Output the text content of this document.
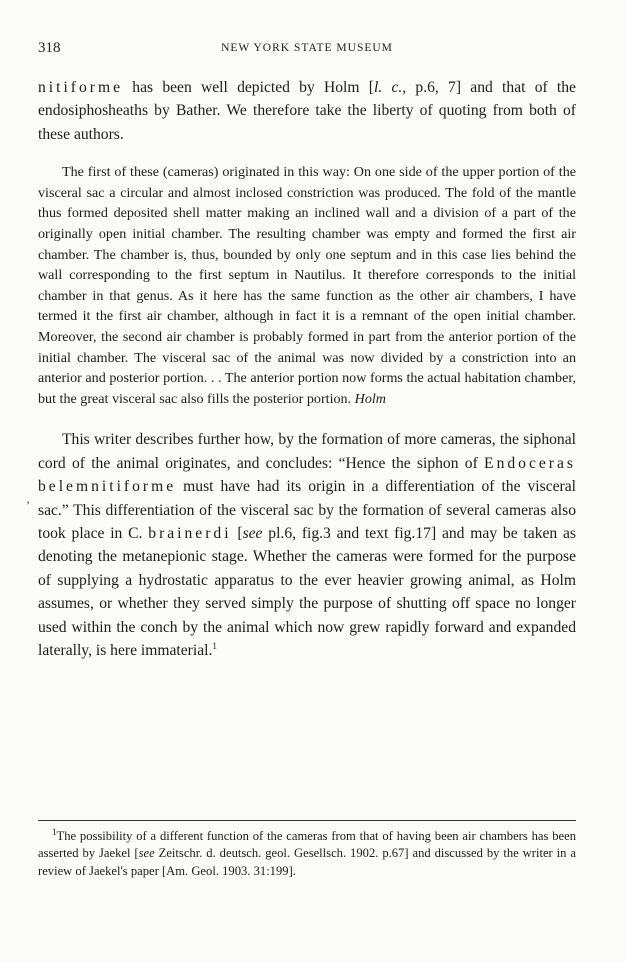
318	NEW YORK STATE MUSEUM

nitiforme has been well depicted by Holm [l. c., p.6, 7] and that of the endosiphosheaths by Bather. We therefore take the liberty of quoting from both of these authors.

The first of these (cameras) originated in this way: On one side of the upper portion of the visceral sac a circular and almost inclosed constriction was produced. The fold of the mantle thus formed deposited shell matter making an inclined wall and a division of a part of the originally open initial chamber. The resulting chamber was empty and formed the first air chamber. The chamber is, thus, bounded by only one septum and in this case lies behind the wall corresponding to the first septum in Nautilus. It therefore corresponds to the initial chamber in that genus. As it here has the same function as the other air chambers, I have termed it the first air chamber, although in fact it is a remnant of the open initial chamber. Moreover, the second air chamber is probably formed in part from the anterior portion of the initial chamber. The visceral sac of the animal was now divided by a constriction into an anterior and posterior portion. . . The anterior portion now forms the actual habitation chamber, but the great visceral sac also fills the posterior portion. Holm

This writer describes further how, by the formation of more cameras, the siphonal cord of the animal originates, and concludes: “Hence the siphon of Endoceras belemnitiforme must have had its origin in a differentiation of the visceral sac.” This differentiation of the visceral sac by the formation of several cameras also took place in C. brainerdi [see pl.6, fig.3 and text fig.17] and may be taken as denoting the metanepionic stage. Whether the cameras were formed for the purpose of supplying a hydrostatic apparatus to the ever heavier growing animal, as Holm assumes, or whether they served simply the purpose of shutting off space no longer used within the conch by the animal which now grew rapidly forward and expanded laterally, is here immaterial.$^1$

’

$^1$The possibility of a different function of the cameras from that of having been air chambers has been asserted by Jaekel [see Zeitschr. d. deutsch. geol. Gesellsch. 1902. p.67] and discussed by the writer in a review of Jaekel's paper [Am. Geol. 1903. 31:199].
